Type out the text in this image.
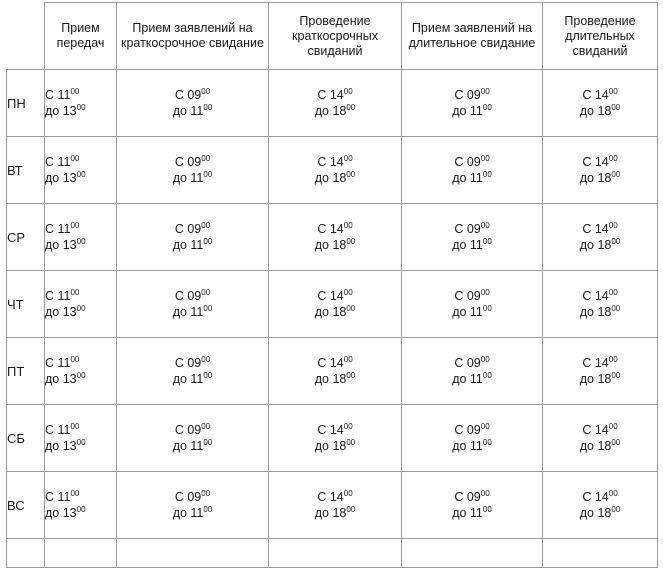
	Прием передач	Прием заявлений на краткосрочное свидание	Проведение краткосрочных свиданий	Прием заявлений на длительное свидание	Проведение длительных свиданий
ПН	
С $11^{00}$
до $13^{00}$

С $09^{00}$
до $11^{00}$

С $14^{00}$
до $18^{00}$

С $09^{00}$
до $11^{00}$

С $14^{00}$
до $18^{00}$

ВТ	
С $11^{00}$
до $13^{00}$

С $09^{00}$
до $11^{00}$

С $14^{00}$
до $18^{00}$

С $09^{00}$
до $11^{00}$

С $14^{00}$
до $18^{00}$

СР	
С $11^{00}$
до $13^{00}$

С $09^{00}$
до $11^{00}$

С $14^{00}$
до $18^{00}$

С $09^{00}$
до $11^{00}$

С $14^{00}$
до $18^{00}$

ЧТ	
С $11^{00}$
до $13^{00}$

С $09^{00}$
до $11^{00}$

С $14^{00}$
до $18^{00}$

С $09^{00}$
до $11^{00}$

С $14^{00}$
до $18^{00}$

ПТ	
С $11^{00}$
до $13^{00}$

С $09^{00}$
до $11^{00}$

С $14^{00}$
до $18^{00}$

С $09^{00}$
до $11^{00}$

С $14^{00}$
до $18^{00}$

СБ	
С $11^{00}$
до $13^{00}$

С $09^{00}$
до $11^{00}$

С $14^{00}$
до $18^{00}$

С $09^{00}$
до $11^{00}$

С $14^{00}$
до $18^{00}$

ВС	
С $11^{00}$
до $13^{00}$

С $09^{00}$
до $11^{00}$

С $14^{00}$
до $18^{00}$

С $09^{00}$
до $11^{00}$

С $14^{00}$
до $18^{00}$
